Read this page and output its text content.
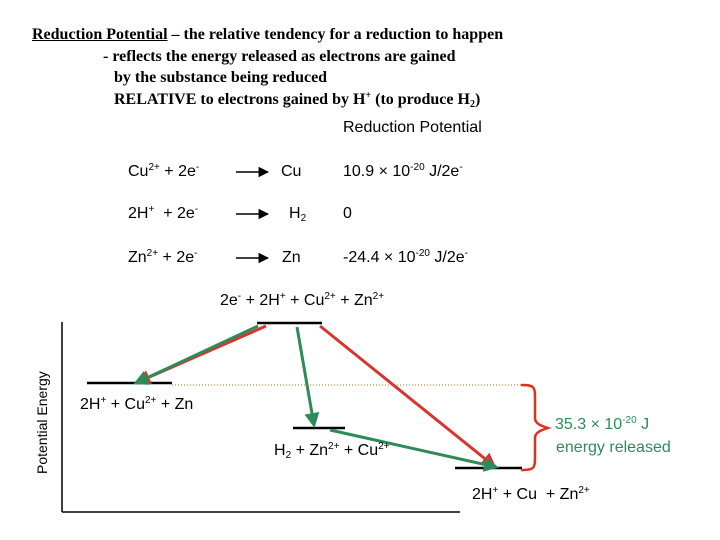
Reduction Potential – the relative tendency for a reduction to happen
- reflects the energy released as electrons are gained
by the substance being reduced
RELATIVE to electrons gained by H+ (to produce $H_2$)
Reduction Potential
$Cu^{2+} + 2e^-$	Cu	$10.9 \times 10^{-20}$ J/2e-
2H+  + 2e-	$H_2$ 0
$Zn^{2+} + 2e^-$	Zn	$-24.4 \times 10^{-20}$ J/2e-
Potential Energy
$2e^- + 2H^+ + Cu^{2+} + Zn^{2+}$
$2H^+ + Cu^{2+} + Zn$
$H_2 + Zn^{2+} + Cu^{2+}$
$2H^+ + Cu + Zn^{2+}$
$35.3 \times 10^{-20}$ J
energy released
